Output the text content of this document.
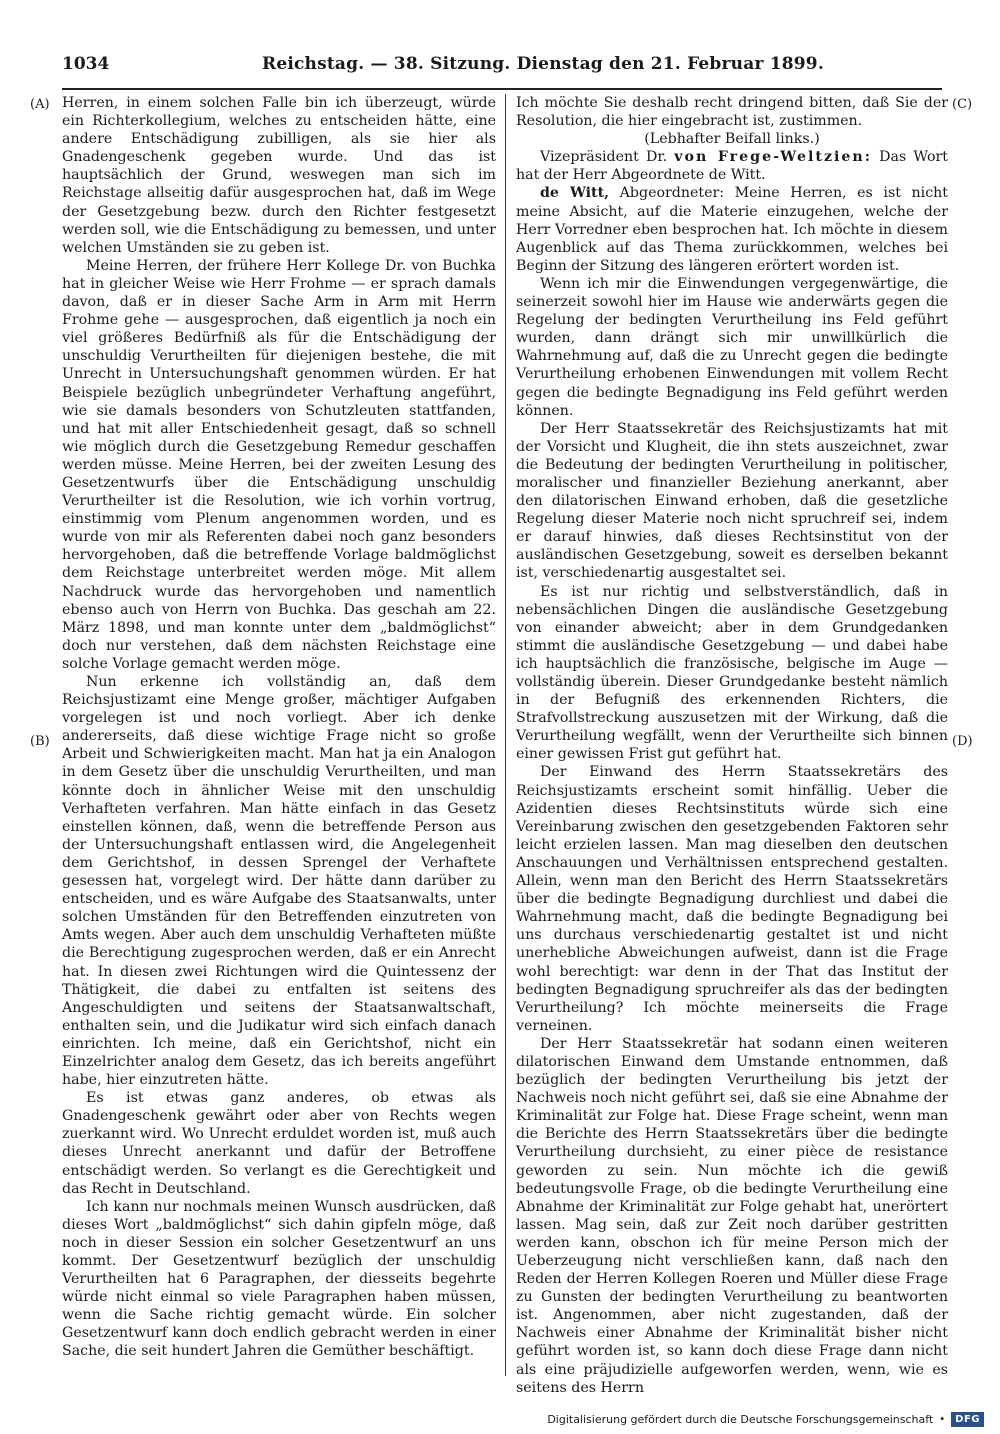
1034	Reichstag. — 38. Sitzung. Dienstag den 21. Februar 1899.
(A)
(B)
(C)
(D)

Herren, in einem solchen Falle bin ich überzeugt, würde ein Richterkollegium, welches zu entscheiden hätte, eine andere Entschädigung zubilligen, als sie hier als Gnadengeschenk gegeben wurde. Und das ist hauptsächlich der Grund, weswegen man sich im Reichstage allseitig dafür ausgesprochen hat, daß im Wege der Gesetzgebung bezw. durch den Richter festgesetzt werden soll, wie die Entschädigung zu bemessen, und unter welchen Umständen sie zu geben ist.

Meine Herren, der frühere Herr Kollege Dr. von Buchka hat in gleicher Weise wie Herr Frohme — er sprach damals davon, daß er in dieser Sache Arm in Arm mit Herrn Frohme gehe — ausgesprochen, daß eigentlich ja noch ein viel größeres Bedürfniß als für die Entschädigung der unschuldig Verurtheilten für diejenigen bestehe, die mit Unrecht in Untersuchungshaft genommen würden. Er hat Beispiele bezüglich unbegründeter Verhaftung angeführt, wie sie damals besonders von Schutzleuten stattfanden, und hat mit aller Entschiedenheit gesagt, daß so schnell wie möglich durch die Gesetzgebung Remedur geschaffen werden müsse. Meine Herren, bei der zweiten Lesung des Gesetzentwurfs über die Entschädigung unschuldig Verurtheilter ist die Resolution, wie ich vorhin vortrug, einstimmig vom Plenum angenommen worden, und es wurde von mir als Referenten dabei noch ganz besonders hervorgehoben, daß die betreffende Vorlage baldmöglichst dem Reichstage unterbreitet werden möge. Mit allem Nachdruck wurde das hervorgehoben und namentlich ebenso auch von Herrn von Buchka. Das geschah am 22. März 1898, und man konnte unter dem „baldmöglichst“ doch nur verstehen, daß dem nächsten Reichstage eine solche Vorlage gemacht werden möge.

Nun erkenne ich vollständig an, daß dem Reichsjustizamt eine Menge großer, mächtiger Aufgaben vorgelegen ist und noch vorliegt. Aber ich denke andererseits, daß diese wichtige Frage nicht so große Arbeit und Schwierigkeiten macht. Man hat ja ein Analogon in dem Gesetz über die unschuldig Verurtheilten, und man könnte doch in ähnlicher Weise mit den unschuldig Verhafteten verfahren. Man hätte einfach in das Gesetz einstellen können, daß, wenn die betreffende Person aus der Untersuchungshaft entlassen wird, die Angelegenheit dem Gerichtshof, in dessen Sprengel der Verhaftete gesessen hat, vorgelegt wird. Der hätte dann darüber zu entscheiden, und es wäre Aufgabe des Staatsanwalts, unter solchen Umständen für den Betreffenden einzutreten von Amts wegen. Aber auch dem unschuldig Verhafteten müßte die Berechtigung zugesprochen werden, daß er ein Anrecht hat. In diesen zwei Richtungen wird die Quintessenz der Thätigkeit, die dabei zu entfalten ist seitens des Angeschuldigten und seitens der Staatsanwaltschaft, enthalten sein, und die Judikatur wird sich einfach danach einrichten. Ich meine, daß ein Gerichtshof, nicht ein Einzelrichter analog dem Gesetz, das ich bereits angeführt habe, hier einzutreten hätte.

Es ist etwas ganz anderes, ob etwas als Gnadengeschenk gewährt oder aber von Rechts wegen zuerkannt wird. Wo Unrecht erduldet worden ist, muß auch dieses Unrecht anerkannt und dafür der Betroffene entschädigt werden. So verlangt es die Gerechtigkeit und das Recht in Deutschland.

Ich kann nur nochmals meinen Wunsch ausdrücken, daß dieses Wort „baldmöglichst“ sich dahin gipfeln möge, daß noch in dieser Session ein solcher Gesetzentwurf an uns kommt. Der Gesetzentwurf bezüglich der unschuldig Verurtheilten hat 6 Paragraphen, der diesseits begehrte würde nicht einmal so viele Paragraphen haben müssen, wenn die Sache richtig gemacht würde. Ein solcher Gesetzentwurf kann doch endlich gebracht werden in einer Sache, die seit hundert Jahren die Gemüther beschäftigt.

Ich möchte Sie deshalb recht dringend bitten, daß Sie der Resolution, die hier eingebracht ist, zustimmen.

(Lebhafter Beifall links.)

Vizepräsident Dr. von Frege-Weltzien: Das Wort hat der Herr Abgeordnete de Witt.

de Witt, Abgeordneter: Meine Herren, es ist nicht meine Absicht, auf die Materie einzugehen, welche der Herr Vorredner eben besprochen hat. Ich möchte in diesem Augenblick auf das Thema zurückkommen, welches bei Beginn der Sitzung des längeren erörtert worden ist.

Wenn ich mir die Einwendungen vergegenwärtige, die seinerzeit sowohl hier im Hause wie anderwärts gegen die Regelung der bedingten Verurtheilung ins Feld geführt wurden, dann drängt sich mir unwillkürlich die Wahrnehmung auf, daß die zu Unrecht gegen die bedingte Verurtheilung erhobenen Einwendungen mit vollem Recht gegen die bedingte Begnadigung ins Feld geführt werden können.

Der Herr Staatssekretär des Reichsjustizamts hat mit der Vorsicht und Klugheit, die ihn stets auszeichnet, zwar die Bedeutung der bedingten Verurtheilung in politischer, moralischer und finanzieller Beziehung anerkannt, aber den dilatorischen Einwand erhoben, daß die gesetzliche Regelung dieser Materie noch nicht spruchreif sei, indem er darauf hinwies, daß dieses Rechtsinstitut von der ausländischen Gesetzgebung, soweit es derselben bekannt ist, verschiedenartig ausgestaltet sei.

Es ist nur richtig und selbstverständlich, daß in nebensächlichen Dingen die ausländische Gesetzgebung von einander abweicht; aber in dem Grundgedanken stimmt die ausländische Gesetzgebung — und dabei habe ich hauptsächlich die französische, belgische im Auge — vollständig überein. Dieser Grundgedanke besteht nämlich in der Befugniß des erkennenden Richters, die Strafvollstreckung auszusetzen mit der Wirkung, daß die Verurtheilung wegfällt, wenn der Verurtheilte sich binnen einer gewissen Frist gut geführt hat.

Der Einwand des Herrn Staatssekretärs des Reichsjustizamts erscheint somit hinfällig. Ueber die Azidentien dieses Rechtsinstituts würde sich eine Vereinbarung zwischen den gesetzgebenden Faktoren sehr leicht erzielen lassen. Man mag dieselben den deutschen Anschauungen und Verhältnissen entsprechend gestalten. Allein, wenn man den Bericht des Herrn Staatssekretärs über die bedingte Begnadigung durchliest und dabei die Wahrnehmung macht, daß die bedingte Begnadigung bei uns durchaus verschiedenartig gestaltet ist und nicht unerhebliche Abweichungen aufweist, dann ist die Frage wohl berechtigt: war denn in der That das Institut der bedingten Begnadigung spruchreifer als das der bedingten Verurtheilung? Ich möchte meinerseits die Frage verneinen.

Der Herr Staatssekretär hat sodann einen weiteren dilatorischen Einwand dem Umstande entnommen, daß bezüglich der bedingten Verurtheilung bis jetzt der Nachweis noch nicht geführt sei, daß sie eine Abnahme der Kriminalität zur Folge hat. Diese Frage scheint, wenn man die Berichte des Herrn Staatssekretärs über die bedingte Verurtheilung durchsieht, zu einer pièce de resistance geworden zu sein. Nun möchte ich die gewiß bedeutungsvolle Frage, ob die bedingte Verurtheilung eine Abnahme der Kriminalität zur Folge gehabt hat, unerörtert lassen. Mag sein, daß zur Zeit noch darüber gestritten werden kann, obschon ich für meine Person mich der Ueberzeugung nicht verschließen kann, daß nach den Reden der Herren Kollegen Roeren und Müller diese Frage zu Gunsten der bedingten Verurtheilung zu beantworten ist. Angenommen, aber nicht zugestanden, daß der Nachweis einer Abnahme der Kriminalität bisher nicht geführt worden ist, so kann doch diese Frage dann nicht als eine präjudizielle aufgeworfen werden, wenn, wie es seitens des Herrn

Digitalisierung gefördert durch die Deutsche Forschungsgemeinschaft •	DFG
